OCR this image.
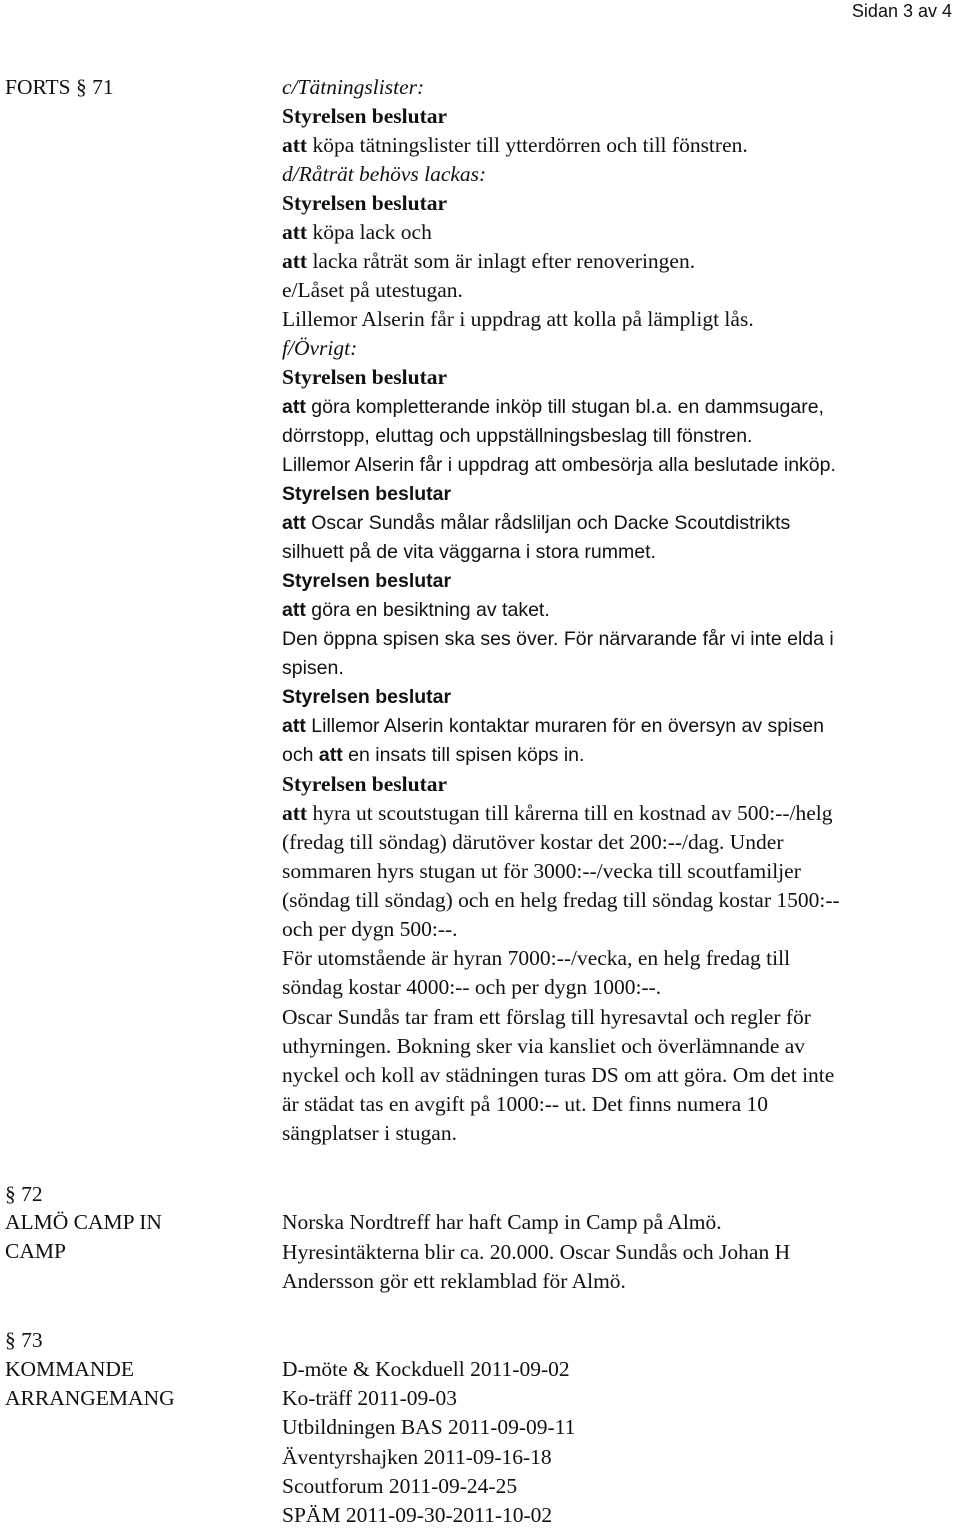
Sidan 3 av 4
FORTS § 71	c/Tätningslister:
Styrelsen beslutar
att köpa tätningslister till ytterdörren och till fönstren.
d/Råträt behövs lackas:
Styrelsen beslutar
att köpa lack och
att lacka råträt som är inlagt efter renoveringen.
e/Låset på utestugan.
Lillemor Alserin får i uppdrag att kolla på lämpligt lås.
f/Övrigt:
Styrelsen beslutar
att göra kompletterande inköp till stugan bl.a. en dammsugare,
dörrstopp, eluttag och uppställningsbeslag till fönstren.
Lillemor Alserin får i uppdrag att ombesörja alla beslutade inköp.
Styrelsen beslutar
att Oscar Sundås målar rådsliljan och Dacke Scoutdistrikts
silhuett på de vita väggarna i stora rummet.
Styrelsen beslutar
att göra en besiktning av taket.
Den öppna spisen ska ses över. För närvarande får vi inte elda i
spisen.
Styrelsen beslutar
att Lillemor Alserin kontaktar muraren för en översyn av spisen
och att en insats till spisen köps in.
Styrelsen beslutar
att hyra ut scoutstugan till kårerna till en kostnad av 500:--/helg
(fredag till söndag) därutöver kostar det 200:--/dag. Under
sommaren hyrs stugan ut för 3000:--/vecka till scoutfamiljer
(söndag till söndag) och en helg fredag till söndag kostar 1500:--
och per dygn 500:--.
För utomstående är hyran 7000:--/vecka, en helg fredag till
söndag kostar 4000:-- och per dygn 1000:--.
Oscar Sundås tar fram ett förslag till hyresavtal och regler för
uthyrningen. Bokning sker via kansliet och överlämnande av
nyckel och koll av städningen turas DS om att göra. Om det inte
är städat tas en avgift på 1000:-- ut. Det finns numera 10
sängplatser i stugan.
§ 72
ALMÖ CAMP IN
CAMP
Norska Nordtreff har haft Camp in Camp på Almö.
Hyresintäkterna blir ca. 20.000. Oscar Sundås och Johan H
Andersson gör ett reklamblad för Almö.
§ 73
KOMMANDE
ARRANGEMANG
D-möte & Kockduell 2011-09-02
Ko-träff 2011-09-03
Utbildningen BAS 2011-09-09-11
Äventyrshajken 2011-09-16-18
Scoutforum 2011-09-24-25
SPÄM 2011-09-30-2011-10-02
